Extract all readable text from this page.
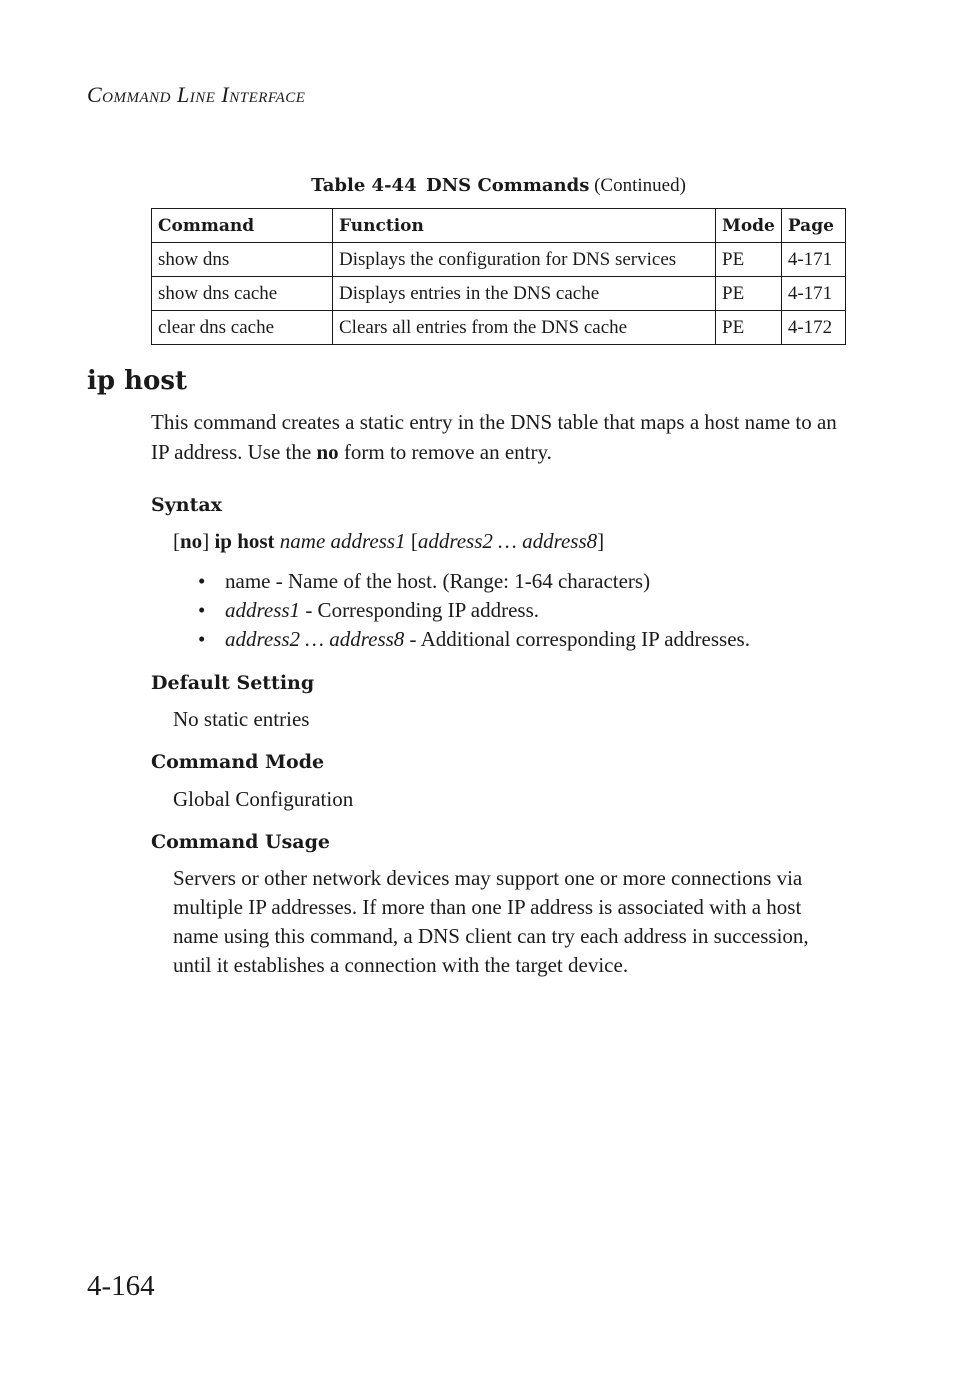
Command Line Interface
Table 4-44 DNS Commands (Continued)
Command	Function	Mode	Page
show dns	Displays the configuration for DNS services	PE	4-171
show dns cache	Displays entries in the DNS cache	PE	4-171
clear dns cache	Clears all entries from the DNS cache	PE	4-172
ip host

This command creates a static entry in the DNS table that maps a host name to an IP address. Use the no form to remove an entry.

Syntax

[no] ip host name address1 [address2 … address8]

• name - Name of the host. (Range: 1-64 characters)
• address1 - Corresponding IP address.
• address2 … address8 - Additional corresponding IP addresses.
Default Setting

No static entries

Command Mode

Global Configuration

Command Usage

Servers or other network devices may support one or more connections via multiple IP addresses. If more than one IP address is associated with a host name using this command, a DNS client can try each address in succession, until it establishes a connection with the target device.

4-164
